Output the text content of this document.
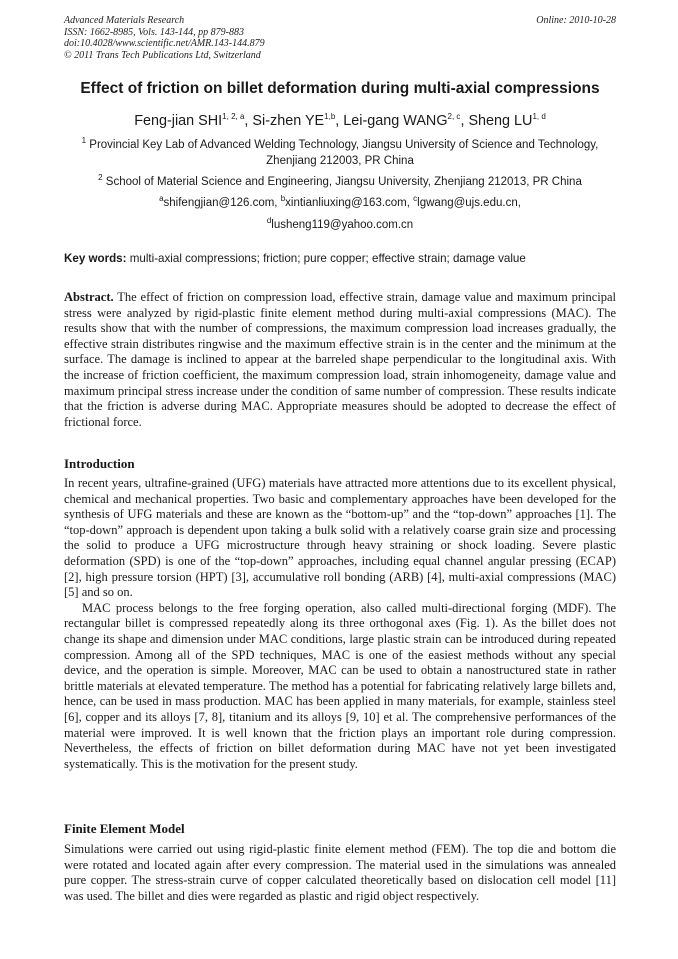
Advanced Materials Research
ISSN: 1662-8985, Vols. 143-144, pp 879-883
doi:10.4028/www.scientific.net/AMR.143-144.879
© 2011 Trans Tech Publications Ltd, Switzerland
Online: 2010-10-28
Effect of friction on billet deformation during multi-axial compressions
Feng-jian SHI$^{1, 2, a}$, Si-zhen YE$^{1,b}$, Lei-gang WANG$^{2, c}$, Sheng LU$^{1, d}$
$^1$ Provincial Key Lab of Advanced Welding Technology, Jiangsu University of Science and Technology, Zhenjiang 212003, PR China
$^2$ School of Material Science and Engineering, Jiangsu University, Zhenjiang 212013, PR China
$^a$shifengjian@126.com, $^b$xintianliuxing@163.com, $^c$lgwang@ujs.edu.cn,
$^d$lusheng119@yahoo.com.cn
Key words: multi-axial compressions; friction; pure copper; effective strain; damage value
Abstract. The effect of friction on compression load, effective strain, damage value and maximum principal stress were analyzed by rigid-plastic finite element method during multi-axial compressions (MAC). The results show that with the number of compressions, the maximum compression load increases gradually, the effective strain distributes ringwise and the maximum effective strain is in the center and the minimum at the surface. The damage is inclined to appear at the barreled shape perpendicular to the longitudinal axis. With the increase of friction coefficient, the maximum compression load, strain inhomogeneity, damage value and maximum principal stress increase under the condition of same number of compression. These results indicate that the friction is adverse during MAC. Appropriate measures should be adopted to decrease the effect of frictional force.
Introduction

In recent years, ultrafine-grained (UFG) materials have attracted more attentions due to its excellent physical, chemical and mechanical properties. Two basic and complementary approaches have been developed for the synthesis of UFG materials and these are known as the “bottom-up” and the “top-down” approaches [1]. The “top-down” approach is dependent upon taking a bulk solid with a relatively coarse grain size and processing the solid to produce a UFG microstructure through heavy straining or shock loading. Severe plastic deformation (SPD) is one of the “top-down” approaches, including equal channel angular pressing (ECAP) [2], high pressure torsion (HPT) [3], accumulative roll bonding (ARB) [4], multi-axial compressions (MAC) [5] and so on.

MAC process belongs to the free forging operation, also called multi-directional forging (MDF). The rectangular billet is compressed repeatedly along its three orthogonal axes (Fig. 1). As the billet does not change its shape and dimension under MAC conditions, large plastic strain can be introduced during repeated compression. Among all of the SPD techniques, MAC is one of the easiest methods without any special device, and the operation is simple. Moreover, MAC can be used to obtain a nanostructured state in rather brittle materials at elevated temperature. The method has a potential for fabricating relatively large billets and, hence, can be used in mass production. MAC has been applied in many materials, for example, stainless steel [6], copper and its alloys [7, 8], titanium and its alloys [9, 10] et al. The comprehensive performances of the material were improved. It is well known that the friction plays an important role during compression. Nevertheless, the effects of friction on billet deformation during MAC have not yet been investigated systematically. This is the motivation for the present study.

Finite Element Model

Simulations were carried out using rigid-plastic finite element method (FEM). The top die and bottom die were rotated and located again after every compression. The material used in the simulations was annealed pure copper. The stress-strain curve of copper calculated theoretically based on dislocation cell model [11] was used. The billet and dies were regarded as plastic and rigid object respectively.
